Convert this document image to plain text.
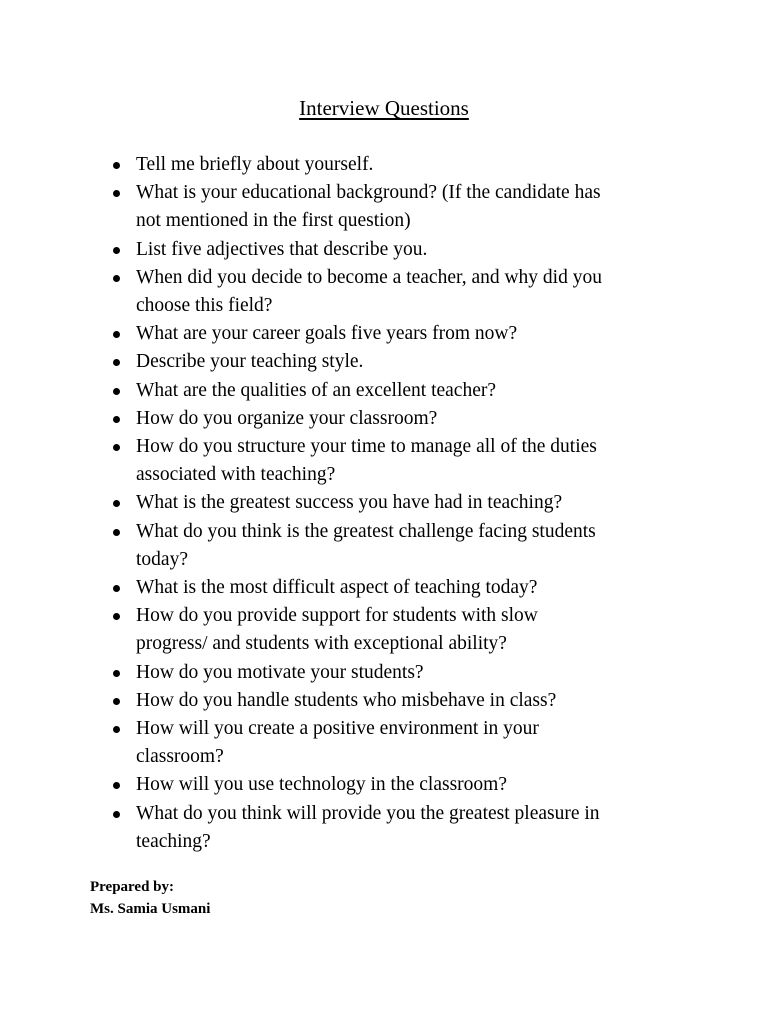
Interview Questions
Tell me briefly about yourself.
What is your educational background? (If the candidate has
not mentioned in the first question)
List five adjectives that describe you.
When did you decide to become a teacher, and why did you
choose this field?
What are your career goals five years from now?
Describe your teaching style.
What are the qualities of an excellent teacher?
How do you organize your classroom?
How do you structure your time to manage all of the duties
associated with teaching?
What is the greatest success you have had in teaching?
What do you think is the greatest challenge facing students
today?
What is the most difficult aspect of teaching today?
How do you provide support for students with slow
progress/ and students with exceptional ability?
How do you motivate your students?
How do you handle students who misbehave in class?
How will you create a positive environment in your
classroom?
How will you use technology in the classroom?
What do you think will provide you the greatest pleasure in
teaching?
Prepared by:
Ms. Samia Usmani
